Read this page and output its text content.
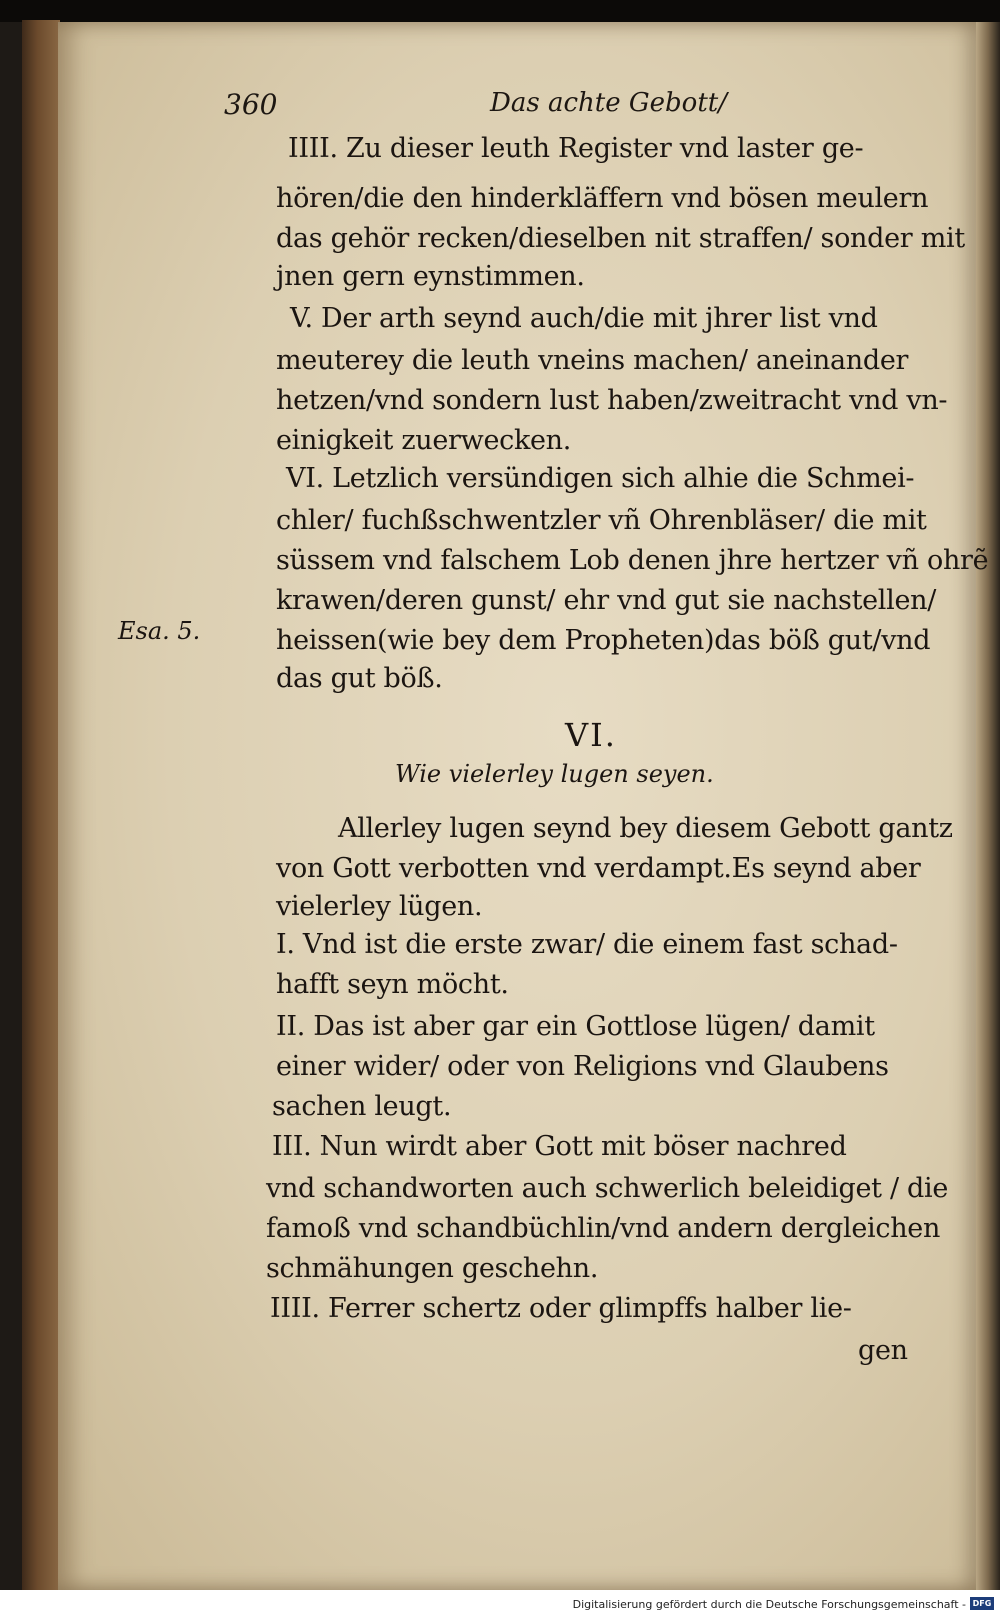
360	Das achte Gebott/
IIII. Zu dieser leuth Register vnd laster ge-
hören/die den hinderkläffern vnd bösen meulern
das gehör recken/dieselben nit straffen/ sonder mit
jnen gern eynstimmen.
V. Der arth seynd auch/die mit jhrer list vnd
meuterey die leuth vneins machen/ aneinander
hetzen/vnd sondern lust haben/zweitracht vnd vn-
einigkeit zuerwecken.
VI. Letzlich versündigen sich alhie die Schmei-
chler/ fuchßschwentzler vñ Ohrenbläser/ die mit
süssem vnd falschem Lob denen jhre hertzer vñ ohrẽ
krawen/deren gunst/ ehr vnd gut sie nachstellen/
heissen(wie bey dem Propheten)das böß gut/vnd
das gut böß.
Esa. 5.
VI.
Wie vielerley lugen seyen.
Allerley lugen seynd bey diesem Gebott gantz
von Gott verbotten vnd verdampt.Es seynd aber
vielerley lügen.
I. Vnd ist die erste zwar/ die einem fast schad-
hafft seyn möcht.
II. Das ist aber gar ein Gottlose lügen/ damit
einer wider/ oder von Religions vnd Glaubens
sachen leugt.
III. Nun wirdt aber Gott mit böser nachred
vnd schandworten auch schwerlich beleidiget / die
famoß vnd schandbüchlin/vnd andern dergleichen
schmähungen geschehn.
IIII. Ferrer schertz oder glimpffs halber lie-
gen
Digitalisierung gefördert durch die Deutsche Forschungsgemeinschaft - DFG
